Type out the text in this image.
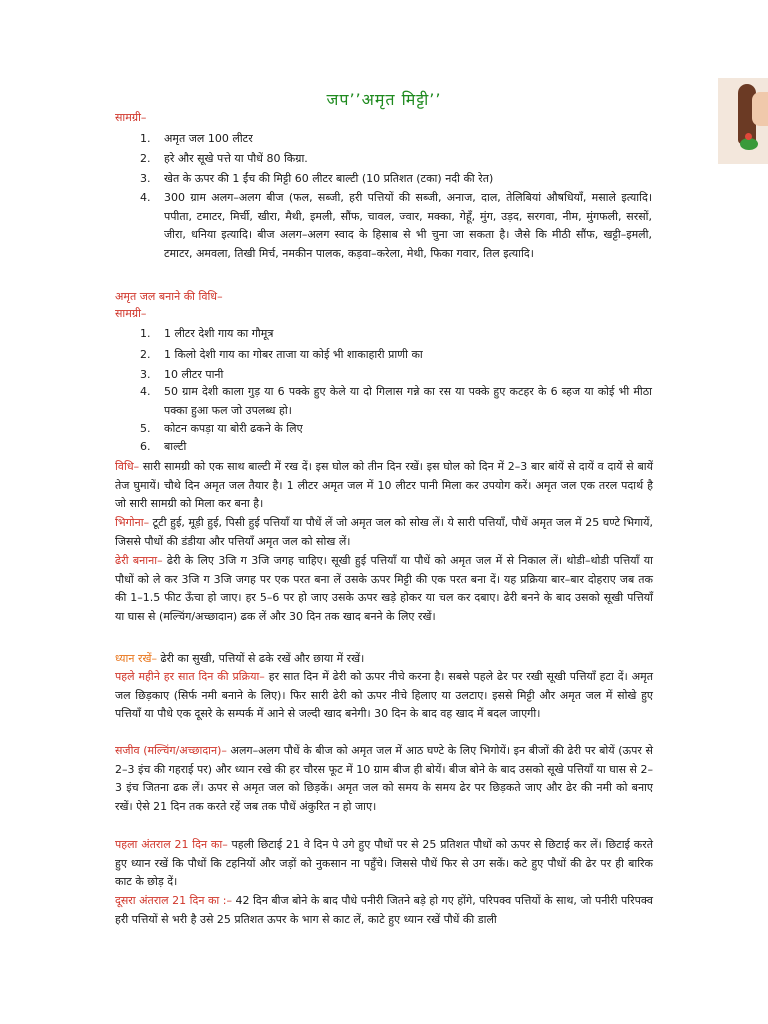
जप’’अमृत मिट्टी’’
सामग्री–
1.	अमृत जल 100 लीटर
2.	हरे और सूखे पत्ते या पौधें 80 किग्रा.
3.	खेत के ऊपर की 1 ईंच की मिट्टी 60 लीटर बाल्टी (10 प्रतिशत (टका) नदी की रेत)
4.	300 ग्राम अलग–अलग बीज (फल, सब्जी, हरी पत्तियों की सब्जी, अनाज, दाल, तेलिबियां औषधियाँ, मसाले इत्यादि। पपीता, टमाटर, मिर्ची, खीरा, मैथी, इमली, सौंफ, चावल, ज्वार, मक्का, गेहूँ, मुंग, उड़द, सरगवा, नीम, मुंगफली, सरसों, जीरा, धनिया इत्यादि। बीज अलग–अलग स्वाद के हिसाब से भी चुना जा सकता है। जैसे कि मीठी सौंफ, खट्टी–इमली, टमाटर, अमवला, तिखी मिर्च, नमकीन पालक, कड़वा–करेला, मेथी, फिका गवार, तिल इत्यादि।
अमृत जल बनाने की विधि–
सामग्री–
1.	1 लीटर देशी गाय का गौमूत्र
2.	1 किलो देशी गाय का गोबर ताजा या कोई भी शाकाहारी प्राणी का
3.	10 लीटर पानी
4.	50 ग्राम देशी काला गुड़ या 6 पक्के हुए केले या दो गिलास गन्ने का रस या पक्के हुए कटहर के 6 ब्हज या कोई भी मीठा पक्का हुआ फल जो उपलब्ध हो।
5.	कोटन कपड़ा या बोरी ढकने के लिए
6.	बाल्टी

विधि– सारी सामग्री को एक साथ बाल्टी में रख दें। इस घोल को तीन दिन रखें। इस घोल को दिन में 2–3 बार बांयें से दायें व दायें से बायें तेज घुमायें। चौथे दिन अमृत जल तैयार है। 1 लीटर अमृत जल में 10 लीटर पानी मिला कर उपयोग करें। अमृत जल एक तरल पदार्थ है जो सारी सामग्री को मिला कर बना है।

भिगोना– टूटी हुई, मूड़ी हुई, पिसी हुई पत्तियाँ या पौधें लें जो अमृत जल को सोख लें। ये सारी पत्तियाँ, पौधें अमृत जल में 25 घण्टे भिगायें, जिससे पौधों की डंडीया और पत्तियाँ अमृत जल को सोख लें।

ढेरी बनाना– ढेरी के लिए 3जि ग 3जि जगह चाहिए। सूखी हुई पत्तियाँ या पौधें को अमृत जल में से निकाल लें। थोडी–थोडी पत्तियाँ या पौधों को ले कर 3जि ग 3जि जगह पर एक परत बना लें उसके ऊपर मिट्टी की एक परत बना दें। यह प्रक्रिया बार–बार दोहराए जब तक की 1–1.5 फीट ऊँचा हो जाए। हर 5–6 पर हो जाए उसके ऊपर खड़े होकर या चल कर दबाए। ढेरी बनने के बाद उसको सूखी पत्तियाँ या घास से (मल्चिंग/अच्छादान) ढक लें और 30 दिन तक खाद बनने के लिए रखें।

ध्यान रखें– ढेरी का सुखी, पत्तियों से ढके रखें और छाया में रखें।

पहले महीने हर सात दिन की प्रक्रिया– हर सात दिन में ढेरी को ऊपर नीचे करना है। सबसे पहले ढेर पर रखी सूखी पत्तियाँ हटा दें। अमृत जल छिड़काए (सिर्फ नमी बनाने के लिए)। फिर सारी ढेरी को ऊपर नीचे हिलाए या उलटाए। इससे मिट्टी और अमृत जल में सोखे हुए पत्तियाँ या पौधे एक दूसरे के सम्पर्क में आने से जल्दी खाद बनेगी। 30 दिन के बाद वह खाद में बदल जाएगी।

सजीव (मल्चिंग/अच्छादान)– अलग–अलग पौधें के बीज को अमृत जल में आठ घण्टे के लिए भिगोयें। इन बीजों की ढेरी पर बोयें (ऊपर से 2–3 इंच की गहराई पर) और ध्यान रखे की हर चौरस फूट में 10 ग्राम बीज ही बोयें। बीज बोने के बाद उसको सूखे पत्तियाँ या घास से 2–3 इंच जितना ढक लें। ऊपर से अमृत जल को छिड़कें। अमृत जल को समय के समय ढेर पर छिड़कते जाए और ढेर की नमी को बनाए रखें। ऐसे 21 दिन तक करते रहें जब तक पौधें अंकुरित न हो जाए।

पहला अंतराल 21 दिन का– पहली छिटाई 21 वे दिन पे उगे हुए पौधों पर से 25 प्रतिशत पौधों को ऊपर से छिटाई कर लें। छिटाई करते हुए ध्यान रखें कि पौधों कि टहनियों और जड़ों को नुकसान ना पहुँचे। जिससे पौधें फिर से उग सकें। कटे हुए पौधों की ढेर पर ही बारिक काट के छोड़ दें।

दूसरा अंतराल 21 दिन का :– 42 दिन बीज बोने के बाद पौधे पनीरी जितने बड़े हो गए होंगे, परिपक्व पत्तियों के साथ, जो पनीरी परिपक्व हरी पत्तियों से भरी है उसे 25 प्रतिशत ऊपर के भाग से काट लें, काटे हुए ध्यान रखें पौधें की डाली
